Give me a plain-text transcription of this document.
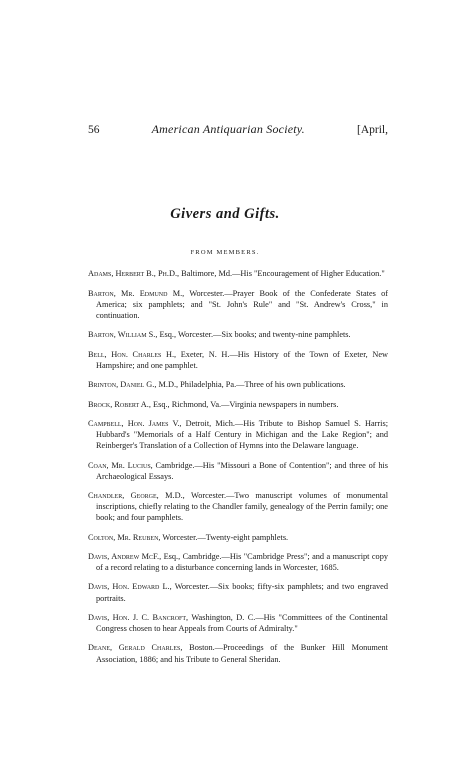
56	American Antiquarian Society.	[April,
Givers and Gifts.
FROM MEMBERS.

Adams, Herbert B., Ph.D., Baltimore, Md.—His "Encouragement of Higher Education."

Barton, Mr. Edmund M., Worcester.—Prayer Book of the Confederate States of America; six pamphlets; and "St. John's Rule" and "St. Andrew's Cross," in continuation.

Barton, William S., Esq., Worcester.—Six books; and twenty-nine pamphlets.

Bell, Hon. Charles H., Exeter, N. H.—His History of the Town of Exeter, New Hampshire; and one pamphlet.

Brinton, Daniel G., M.D., Philadelphia, Pa.—Three of his own publications.

Brock, Robert A., Esq., Richmond, Va.—Virginia newspapers in numbers.

Campbell, Hon. James V., Detroit, Mich.—His Tribute to Bishop Samuel S. Harris; Hubbard's "Memorials of a Half Century in Michigan and the Lake Region"; and Reinberger's Translation of a Collection of Hymns into the Delaware language.

Coan, Mr. Lucius, Cambridge.—His "Missouri a Bone of Contention"; and three of his Archaeological Essays.

Chandler, George, M.D., Worcester.—Two manuscript volumes of monumental inscriptions, chiefly relating to the Chandler family, genealogy of the Perrin family; one book; and four pamphlets.

Colton, Mr. Reuben, Worcester.—Twenty-eight pamphlets.

Davis, Andrew McF., Esq., Cambridge.—His "Cambridge Press"; and a manuscript copy of a record relating to a disturbance concerning lands in Worcester, 1685.

Davis, Hon. Edward L., Worcester.—Six books; fifty-six pamphlets; and two engraved portraits.

Davis, Hon. J. C. Bancroft, Washington, D. C.—His "Committees of the Continental Congress chosen to hear Appeals from Courts of Admiralty."

Deane, Gerald Charles, Boston.—Proceedings of the Bunker Hill Monument Association, 1886; and his Tribute to General Sheridan.
